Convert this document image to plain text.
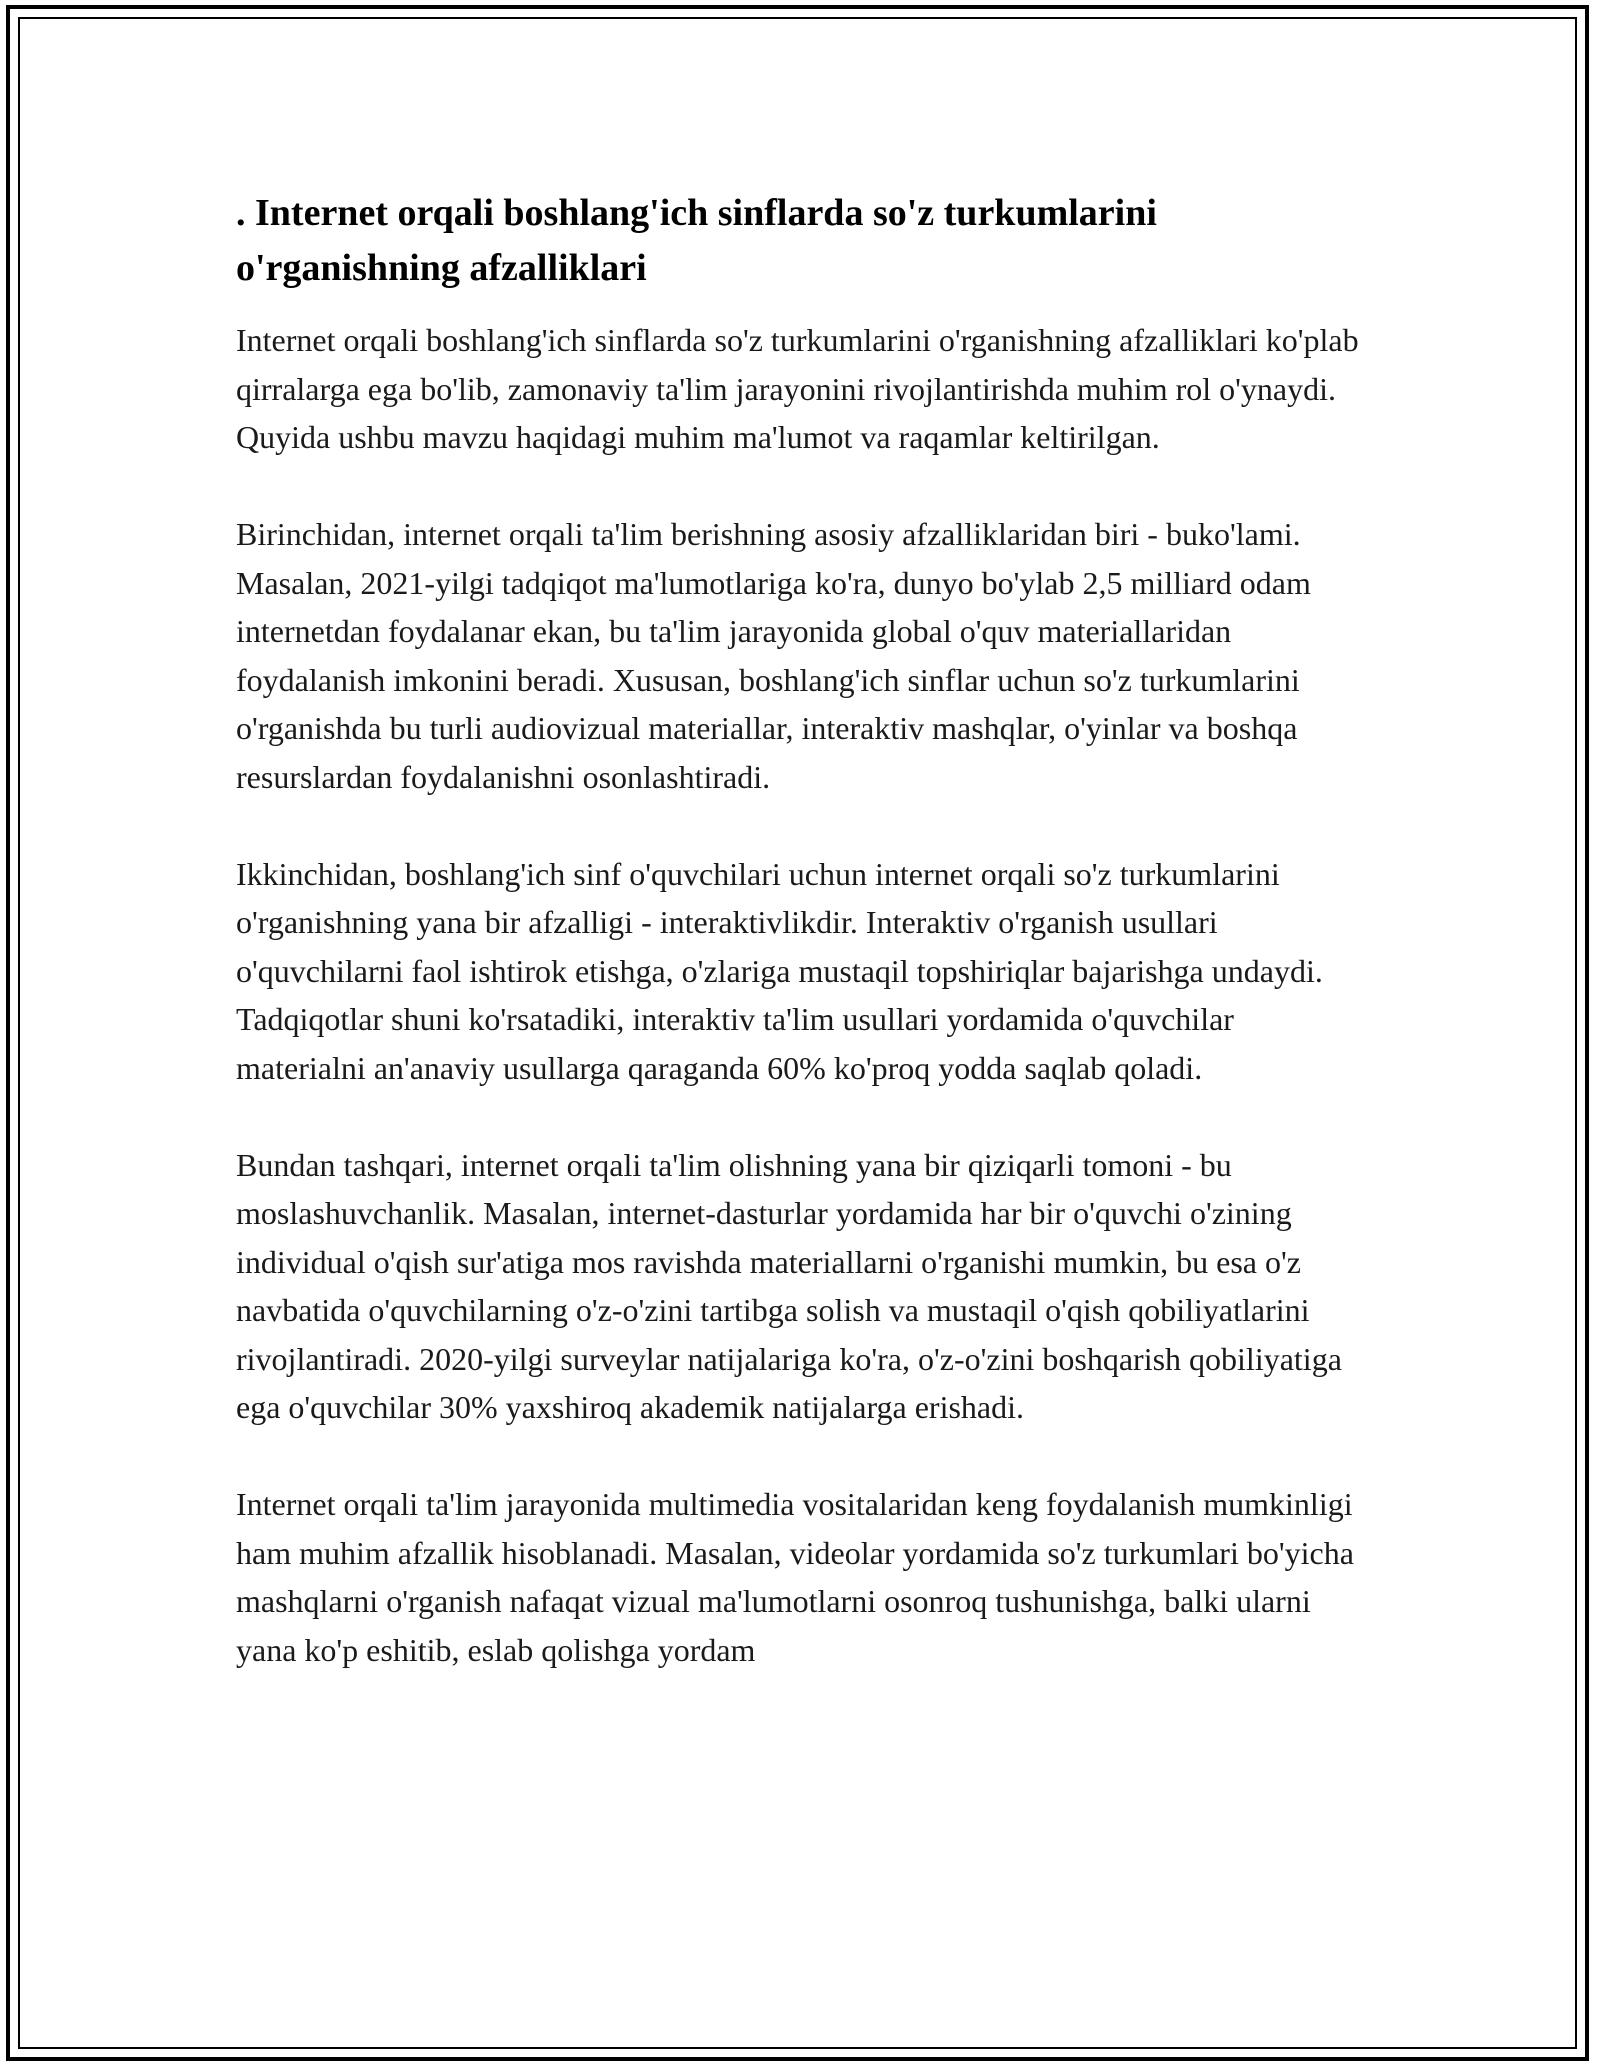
. Internet orqali boshlang'ich sinflarda so'z turkumlarini o'rganishning afzalliklari

Internet orqali boshlang'ich sinflarda so'z turkumlarini o'rganishning afzalliklari ko'plab qirralarga ega bo'lib, zamonaviy ta'lim jarayonini rivojlantirishda muhim rol o'ynaydi. Quyida ushbu mavzu haqidagi muhim ma'lumot va raqamlar keltirilgan.

Birinchidan, internet orqali ta'lim berishning asosiy afzalliklaridan biri - buko'lami. Masalan, 2021-yilgi tadqiqot ma'lumotlariga ko'ra, dunyo bo'ylab 2,5 milliard odam internetdan foydalanar ekan, bu ta'lim jarayonida global o'quv materiallaridan foydalanish imkonini beradi. Xususan, boshlang'ich sinflar uchun so'z turkumlarini o'rganishda bu turli audiovizual materiallar, interaktiv mashqlar, o'yinlar va boshqa resurslardan foydalanishni osonlashtiradi.

Ikkinchidan, boshlang'ich sinf o'quvchilari uchun internet orqali so'z turkumlarini o'rganishning yana bir afzalligi - interaktivlikdir. Interaktiv o'rganish usullari o'quvchilarni faol ishtirok etishga, o'zlariga mustaqil topshiriqlar bajarishga undaydi. Tadqiqotlar shuni ko'rsatadiki, interaktiv ta'lim usullari yordamida o'quvchilar materialni an'anaviy usullarga qaraganda 60% ko'proq yodda saqlab qoladi.

Bundan tashqari, internet orqali ta'lim olishning yana bir qiziqarli tomoni - bu moslashuvchanlik. Masalan, internet-dasturlar yordamida har bir o'quvchi o'zining individual o'qish sur'atiga mos ravishda materiallarni o'rganishi mumkin, bu esa o'z navbatida o'quvchilarning o'z-o'zini tartibga solish va mustaqil o'qish qobiliyatlarini rivojlantiradi. 2020-yilgi surveylar natijalariga ko'ra, o'z-o'zini boshqarish qobiliyatiga ega o'quvchilar 30% yaxshiroq akademik natijalarga erishadi.

Internet orqali ta'lim jarayonida multimedia vositalaridan keng foydalanish mumkinligi ham muhim afzallik hisoblanadi. Masalan, videolar yordamida so'z turkumlari bo'yicha mashqlarni o'rganish nafaqat vizual ma'lumotlarni osonroq tushunishga, balki ularni yana ko'p eshitib, eslab qolishga yordam
